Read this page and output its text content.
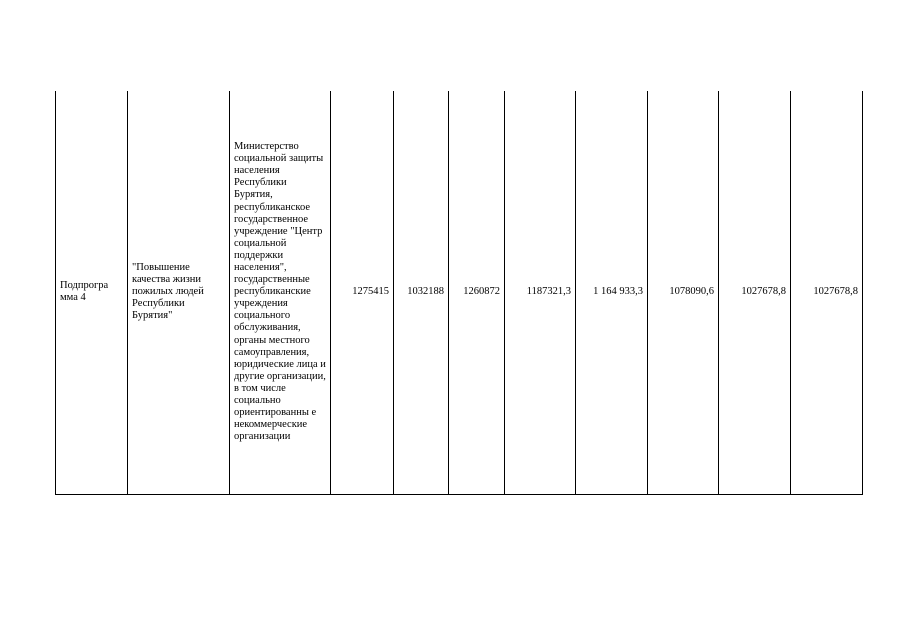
Подпрогра мма 4	"Повышение качества жизни пожилых людей Республики Бурятия"	Министерство социальной защиты населения Республики Бурятия, республиканское государственное учреждение "Центр социальной поддержки населения", государственные республиканские учреждения социального обслуживания, органы местного самоуправления, юридические лица и другие организации, в том числе социально ориентированны е некоммерческие организации	1275415	1032188	1260872	1187321,3	1 164 933,3	1078090,6	1027678,8	1027678,8
